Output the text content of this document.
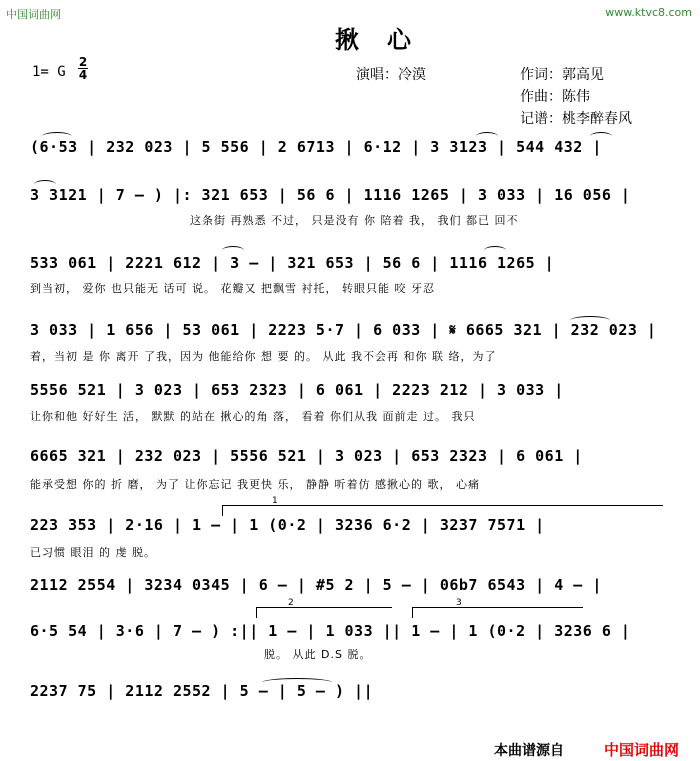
中国词曲网	www.ktvc8.com
揪心
1= G
2
4	演唱：冷漠	作词：郭高见
作曲：陈伟
记谱：桃李醉春风
(6·53 | 232 023 | 5 556 | 2 6713 | 6·12 | 3 3123 | 544 432 |
3 3121 | 7 – ) |: 321 653 | 56 6 | 1116 1265 | 3 033 | 16 056 |
这条街 再熟悉 不过， 只是没有 你 陪着 我， 我们 都已 回不
533 061 | 2221 612 | 3 – | 321 653 | 56 6 | 1116 1265 |
到当初， 爱你 也只能无 话可 说。 花瓣又 把飘雪 衬托， 转眼只能 咬 牙忍
3 033 | 1 656 | 53 061 | 2223 5·7 | 6 033 | 𝄋 6665 321 | 232 023 |
着，当初 是 你 离开 了我，因为 他能给你 想 要 的。 从此 我不会再 和你 联 络，为了
5556 521 | 3 023 | 653 2323 | 6 061 | 2223 212 | 3 033 |
让你和他 好好生 活， 默默 的站在 揪心的角 落， 看着 你们从我 面前走 过。 我只
6665 321 | 232 023 | 5556 521 | 3 023 | 653 2323 | 6 061 |
能承受想 你的 折 磨， 为了 让你忘记 我更快 乐， 静静 听着仿 感揪心的 歌， 心痛
1
223 353 | 2·16 | 1 – | 1 (0·2 | 3236 6·2 | 3237 7571 |
已习惯 眼泪 的 虔 脱。
2112 2554 | 3234 0345 | 6 – | #5 2 | 5 – | 06b7 6543 | 4 – |
2	3
6·5 54 | 3·6 | 7 – ) :|| 1 – | 1 033 || 1 – | 1 (0·2 | 3236 6 |
脱。 从此 D.S 脱。
2237 75 | 2112 2552 | 5 – | 5 – ) ||
本曲谱源自	中国词曲网
